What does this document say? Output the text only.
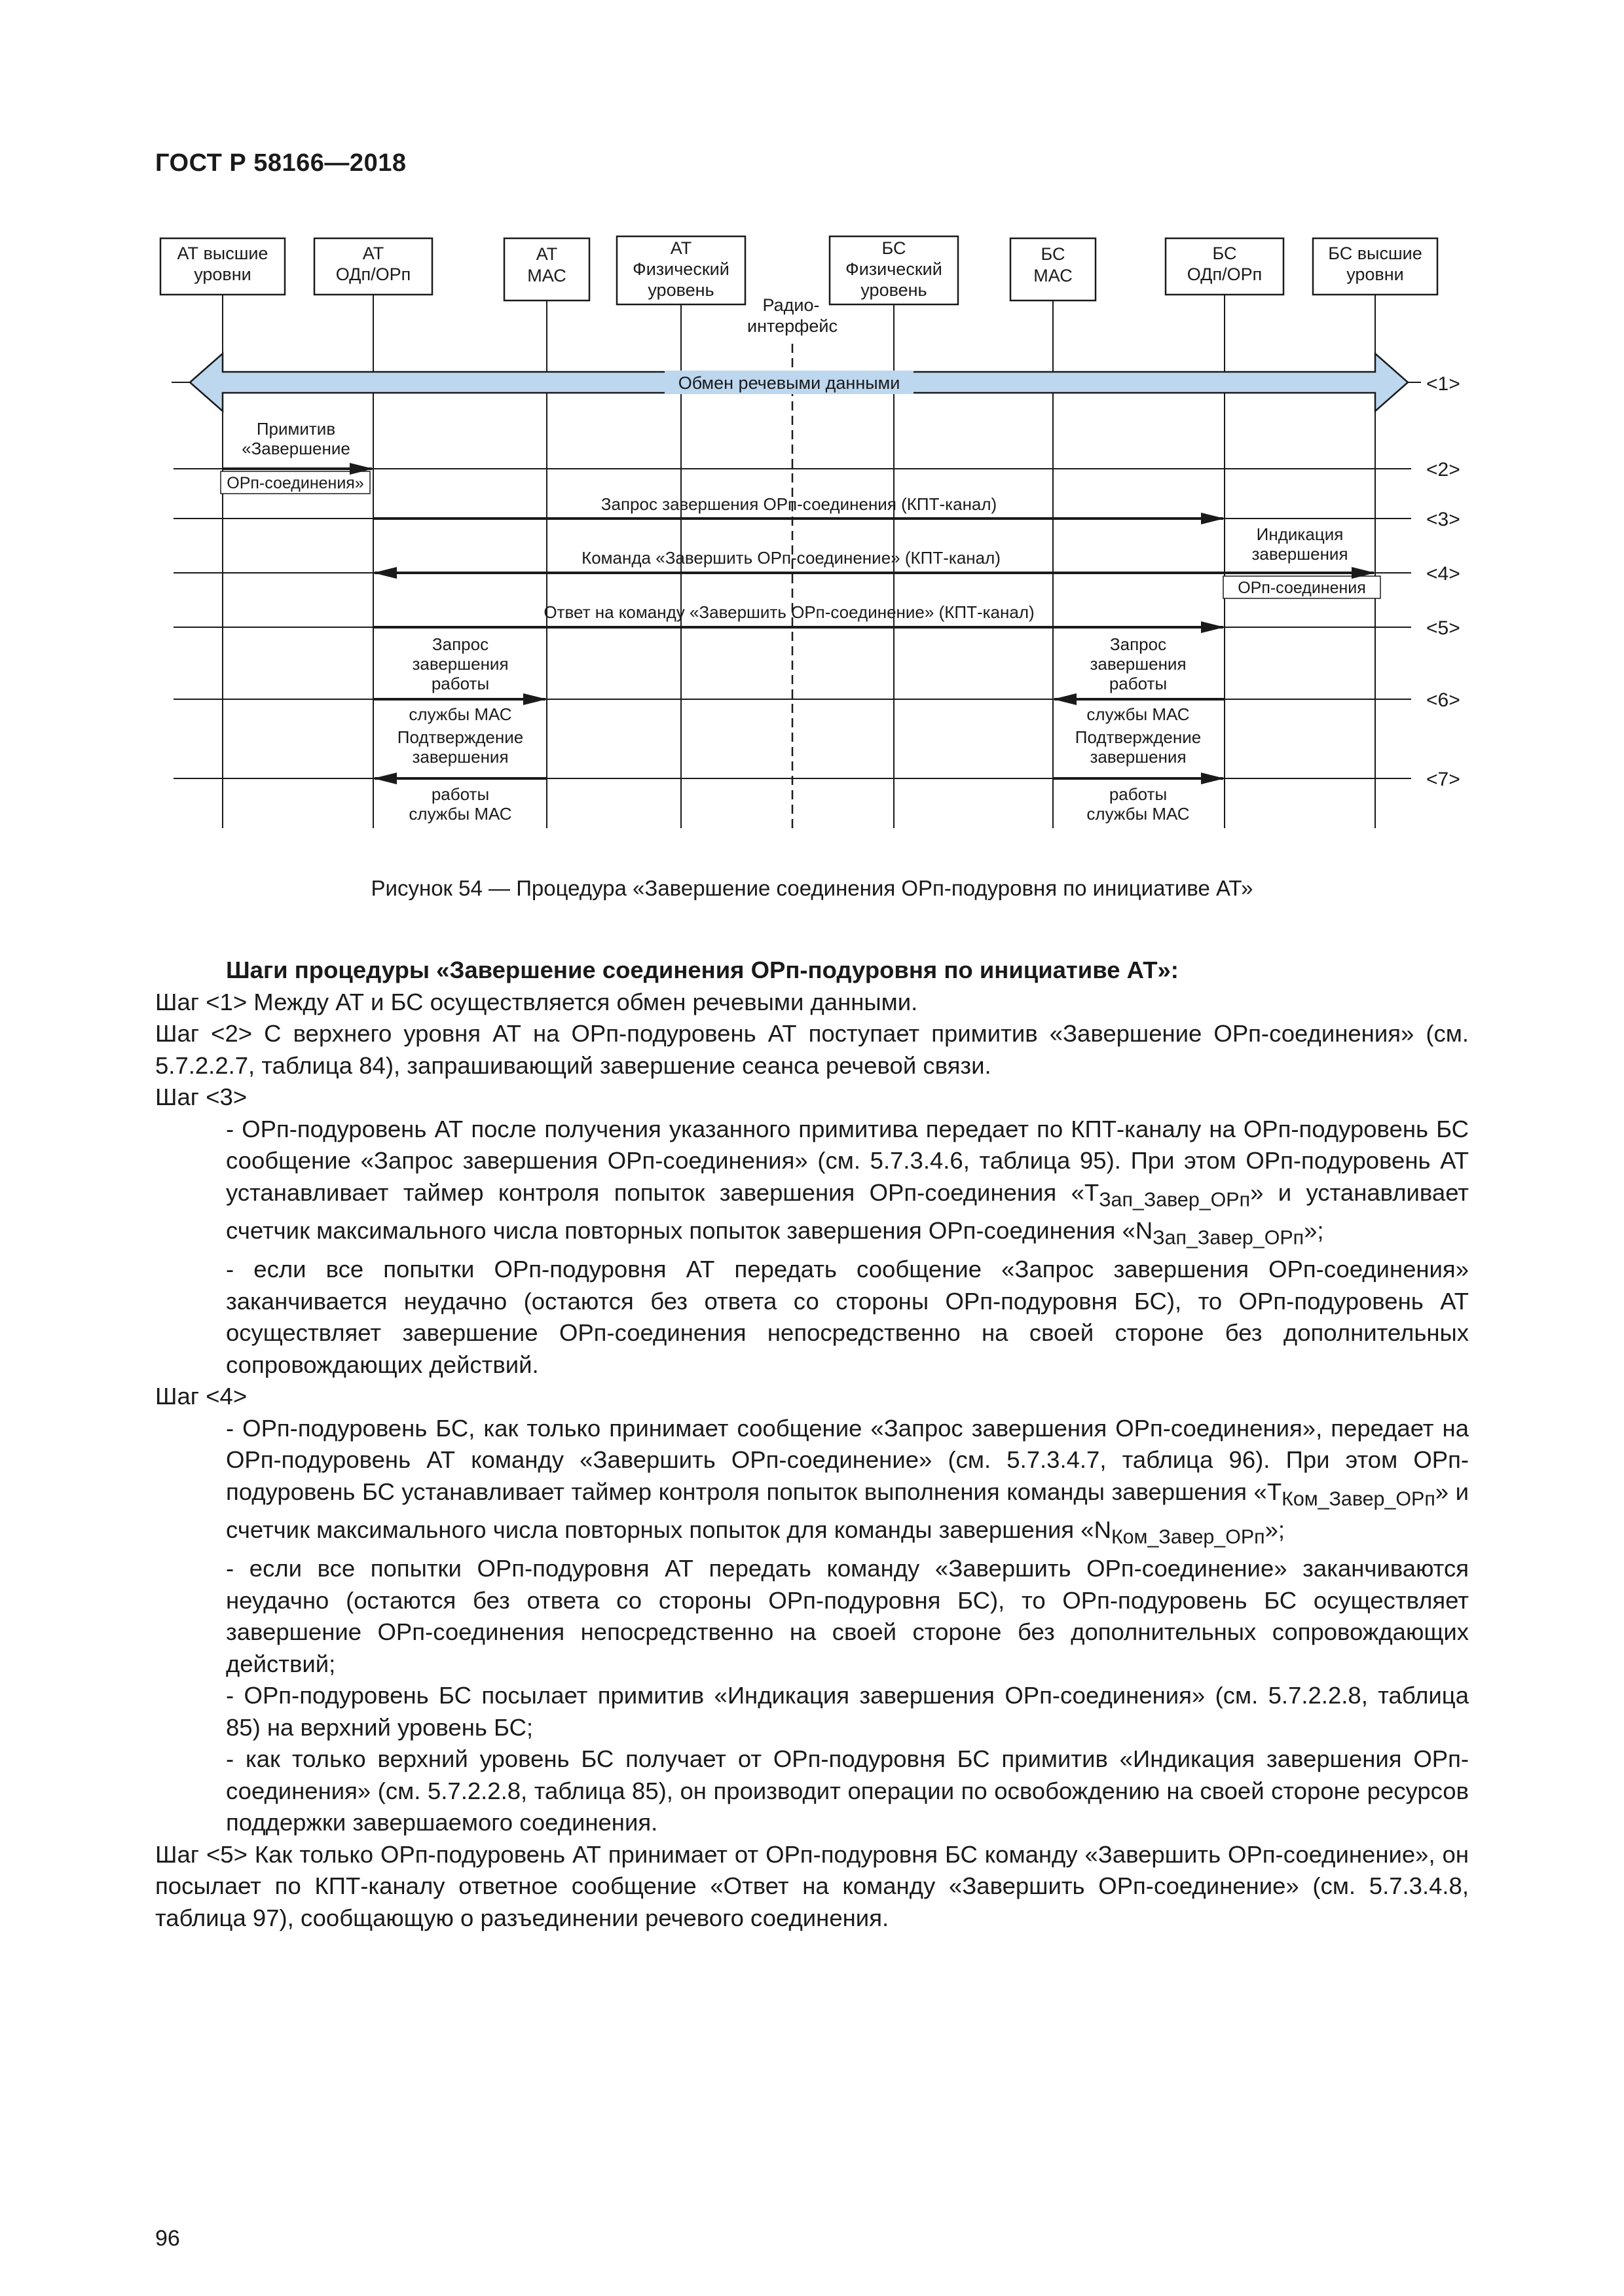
ГОСТ Р 58166—2018
АТ высшие
уровни
АТ
ОДп/ОРп
АТ
МАС
АТ
Физический
уровень
БС
Физический
уровень
БС
МАС
БС
ОДп/ОРп
БС высшие
уровни
Радио-
интерфейс
Обмен речевыми данными	<1>
<2>
<3>
<4>
<5>
<6>
<7>
Примитив
«Завершение
ОРп-соединения»
Запрос завершения ОРп-соединения (КПТ-канал)
Индикация
завершения
ОРп-соединения
Команда «Завершить ОРп-соединение» (КПТ-канал)
Ответ на команду «Завершить ОРп-соединение» (КПТ-канал)
Запрос
завершения
работы
службы МАС
Запрос
завершения
работы
службы МАС
Подтверждение
завершения
работы
службы МАС
Подтверждение
завершения
работы
службы МАС
Рисунок 54 — Процедура «Завершение соединения ОРп-подуровня по инициативе АТ»

Шаги процедуры «Завершение соединения ОРп-подуровня по инициативе АТ»:

Шаг <1> Между АТ и БС осуществляется обмен речевыми данными.

Шаг <2> С верхнего уровня АТ на ОРп-подуровень АТ поступает примитив «Завершение ОРп-соединения» (см. 5.7.2.2.7, таблица 84), запрашивающий завершение сеанса речевой связи.

Шаг <3>

- ОРп-подуровень АТ после получения указанного примитива передает по КПТ-каналу на ОРп-подуровень БС сообщение «Запрос завершения ОРп-соединения» (см. 5.7.3.4.6, таблица 95). При этом ОРп-подуровень АТ устанавливает таймер контроля попыток завершения ОРп-соединения «$T_{Зап\_Завер\_ОРп}$» и устанавливает счетчик максимального числа повторных попыток завершения ОРп-соединения «$N_{Зап\_Завер\_ОРп}$»;

- если все попытки ОРп-подуровня АТ передать сообщение «Запрос завершения ОРп-соединения» заканчивается неудачно (остаются без ответа со стороны ОРп-подуровня БС), то ОРп-подуровень АТ осуществляет завершение ОРп-соединения непосредственно на своей стороне без дополнительных сопровождающих действий.

Шаг <4>

- ОРп-подуровень БС, как только принимает сообщение «Запрос завершения ОРп-соединения», передает на ОРп-подуровень АТ команду «Завершить ОРп-соединение» (см. 5.7.3.4.7, таблица 96). При этом ОРп-подуровень БС устанавливает таймер контроля попыток выполнения команды завершения «$T_{Ком\_Завер\_ОРп}$» и счетчик максимального числа повторных попыток для команды завершения «$N_{Ком\_Завер\_ОРп}$»;

- если все попытки ОРп-подуровня АТ передать команду «Завершить ОРп-соединение» заканчиваются неудачно (остаются без ответа со стороны ОРп-подуровня БС), то ОРп-подуровень БС осуществляет завершение ОРп-соединения непосредственно на своей стороне без дополнительных сопровождающих действий;

- ОРп-подуровень БС посылает примитив «Индикация завершения ОРп-соединения» (см. 5.7.2.2.8, таблица 85) на верхний уровень БС;

- как только верхний уровень БС получает от ОРп-подуровня БС примитив «Индикация завершения ОРп-соединения» (см. 5.7.2.2.8, таблица 85), он производит операции по освобождению на своей стороне ресурсов поддержки завершаемого соединения.

Шаг <5> Как только ОРп-подуровень АТ принимает от ОРп-подуровня БС команду «Завершить ОРп-соединение», он посылает по КПТ-каналу ответное сообщение «Ответ на команду «Завершить ОРп-соединение» (см. 5.7.3.4.8, таблица 97), сообщающую о разъединении речевого соединения.

96
